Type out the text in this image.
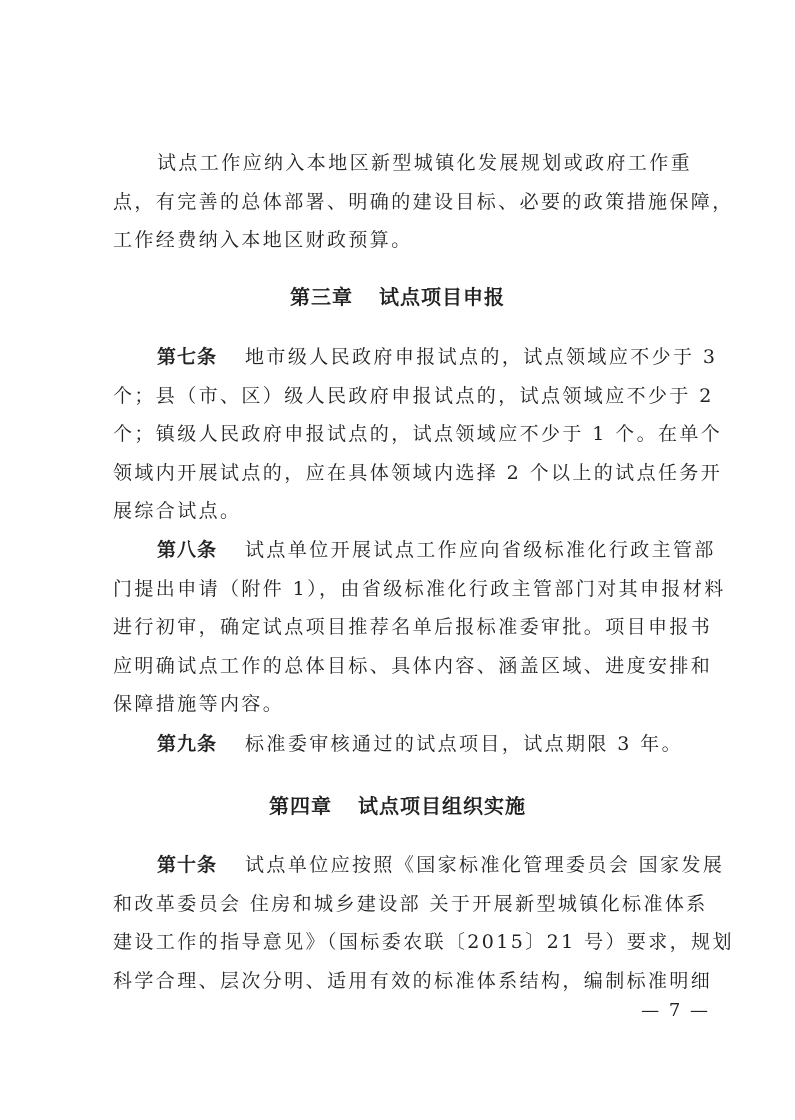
试点工作应纳入本地区新型城镇化发展规划或政府工作重

点，有完善的总体部署、明确的建设目标、必要的政策措施保障，

工作经费纳入本地区财政预算。

第三章 试点项目申报

第七条 地市级人民政府申报试点的，试点领域应不少于 3

个；县（市、区）级人民政府申报试点的，试点领域应不少于 2

个；镇级人民政府申报试点的，试点领域应不少于 1 个。在单个

领域内开展试点的，应在具体领域内选择 2 个以上的试点任务开

展综合试点。

第八条 试点单位开展试点工作应向省级标准化行政主管部

门提出申请（附件 1），由省级标准化行政主管部门对其申报材料

进行初审，确定试点项目推荐名单后报标准委审批。项目申报书

应明确试点工作的总体目标、具体内容、涵盖区域、进度安排和

保障措施等内容。

第九条 标准委审核通过的试点项目，试点期限 3 年。

第四章 试点项目组织实施

第十条 试点单位应按照《国家标准化管理委员会 国家发展

和改革委员会 住房和城乡建设部 关于开展新型城镇化标准体系

建设工作的指导意见》（国标委农联〔2015〕21 号）要求，规划

科学合理、层次分明、适用有效的标准体系结构，编制标准明细

— 7 —
